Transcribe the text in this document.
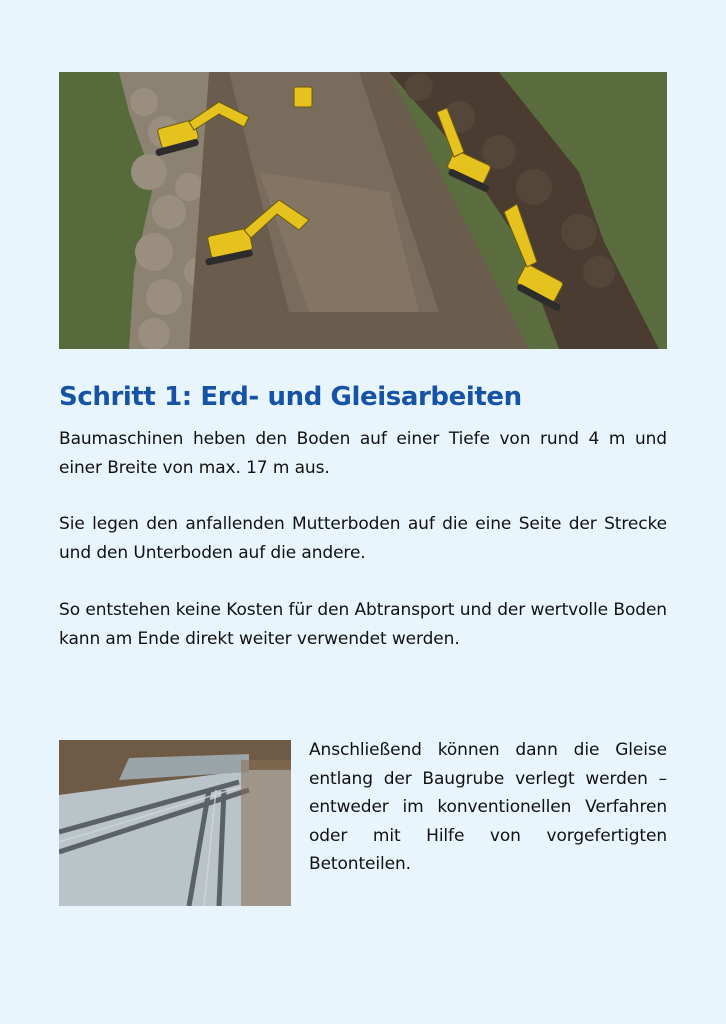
Schritt 1: Erd- und Gleisarbeiten

Baumaschinen heben den Boden auf einer Tiefe von rund 4 m und einer Breite von max. 17 m aus.

Sie legen den anfallenden Mutterboden auf die eine Seite der Strecke und den Unterboden auf die andere.

So entstehen keine Kosten für den Abtransport und der wertvolle Boden kann am Ende direkt weiter verwendet werden.

Anschließend können dann die Gleise entlang der Baugrube verlegt werden – entweder im konventionellen Verfahren oder mit Hilfe von vorgefertigten Betonteilen.
